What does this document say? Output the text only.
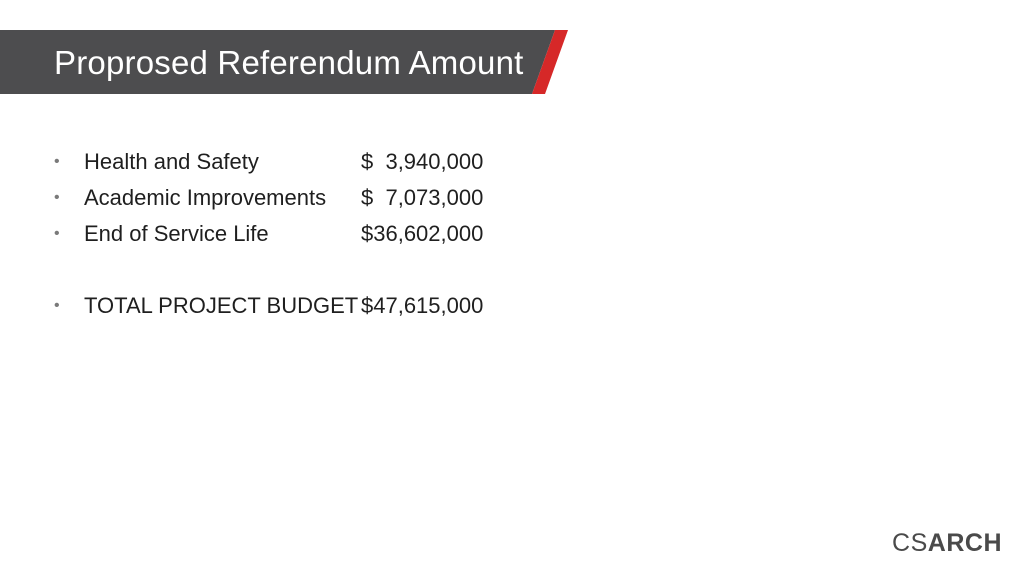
Proprosed Referendum Amount
•	Health and Safety	$  3,940,000
•	Academic Improvements	$  7,073,000
•	End of Service Life	$36,602,000
•	TOTAL PROJECT BUDGET $47,615,000
CSARCH
